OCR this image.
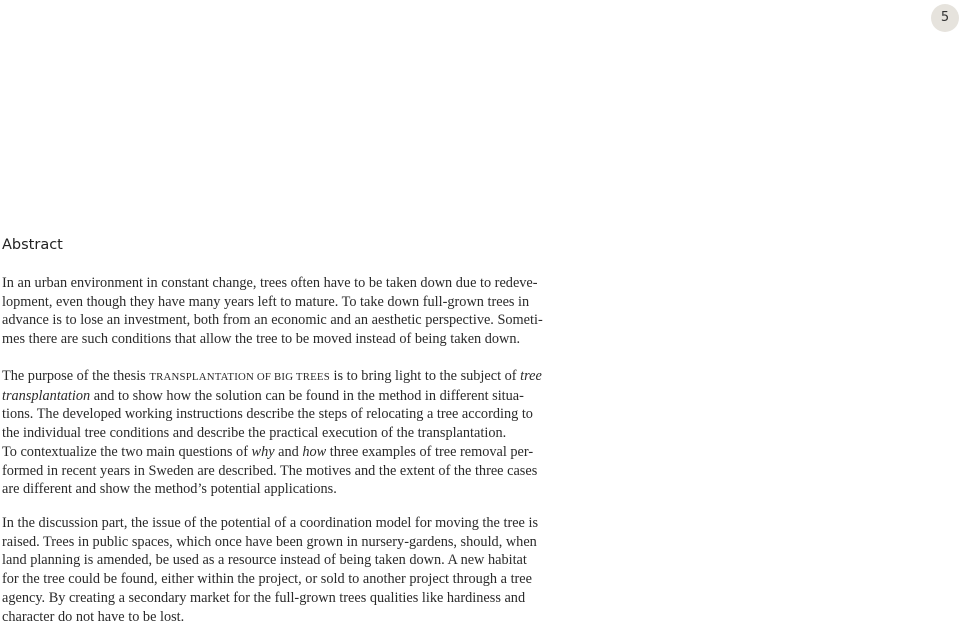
5
Abstract

In an urban environment in constant change, trees often have to be taken down due to redeve-
lopment, even though they have many years left to mature. To take down full-grown trees in
advance is to lose an investment, both from an economic and an aesthetic perspective. Someti-
mes there are such conditions that allow the tree to be moved instead of being taken down.

The purpose of the thesis TRANSPLANTATION OF BIG TREES is to bring light to the subject of tree
transplantation and to show how the solution can be found in the method in different situa-
tions. The developed working instructions describe the steps of relocating a tree according to
the individual tree conditions and describe the practical execution of the transplantation.
To contextualize the two main questions of why and how three examples of tree removal per-
formed in recent years in Sweden are described. The motives and the extent of the three cases
are different and show the method’s potential applications.

In the discussion part, the issue of the potential of a coordination model for moving the tree is
raised. Trees in public spaces, which once have been grown in nursery-gardens, should, when
land planning is amended, be used as a resource instead of being taken down. A new habitat
for the tree could be found, either within the project, or sold to another project through a tree
agency. By creating a secondary market for the full-grown trees qualities like hardiness and
character do not have to be lost.
